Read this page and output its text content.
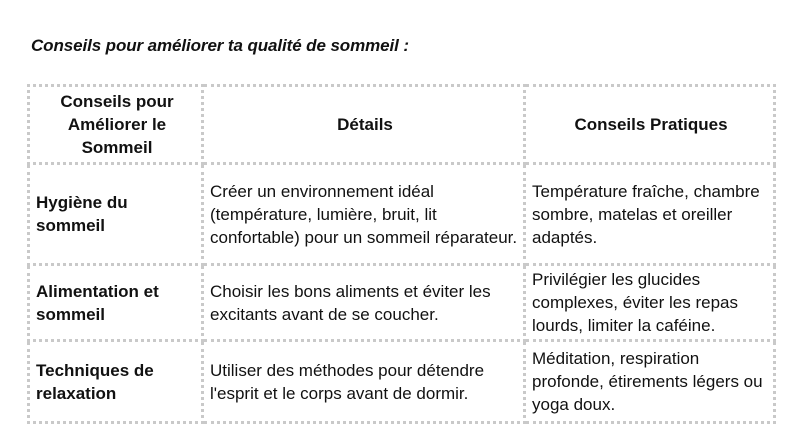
Conseils pour améliorer ta qualité de sommeil :
Conseils pour Améliorer le Sommeil	Détails	Conseils Pratiques
Hygiène du sommeil	Créer un environnement idéal (température, lumière, bruit, lit confortable) pour un sommeil réparateur.	Température fraîche, chambre sombre, matelas et oreiller adaptés.
Alimentation et sommeil	Choisir les bons aliments et éviter les excitants avant de se coucher.	Privilégier les glucides complexes, éviter les repas lourds, limiter la caféine.
Techniques de relaxation	Utiliser des méthodes pour détendre l'esprit et le corps avant de dormir.	Méditation, respiration profonde, étirements légers ou yoga doux.
